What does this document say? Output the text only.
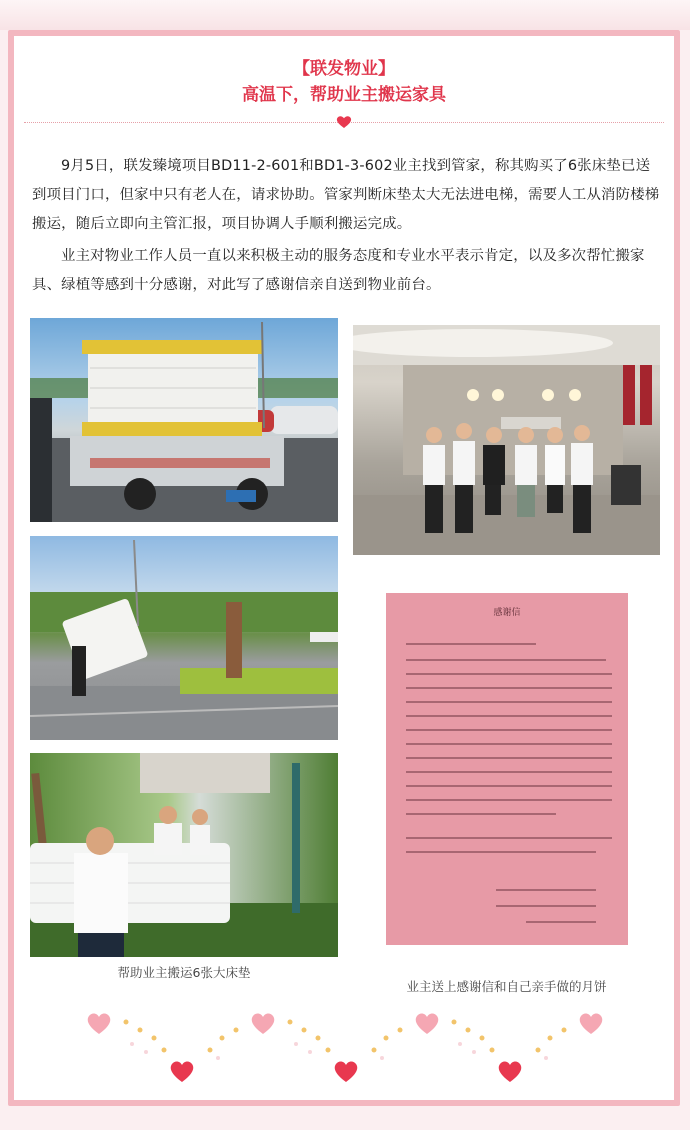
【联发物业】
高温下，帮助业主搬运家具
9月5日，联发臻境项目BD11-2-601和BD1-3-602业主找到管家，称其购买了6张床垫已送到项目门口，但家中只有老人在，请求协助。管家判断床垫太大无法进电梯，需要人工从消防楼梯搬运，随后立即向主管汇报，项目协调人手顺利搬运完成。
业主对物业工作人员一直以来积极主动的服务态度和专业水平表示肯定，以及多次帮忙搬家具、绿植等感到十分感谢，对此写了感谢信亲自送到物业前台。
感谢信
帮助业主搬运6张大床垫
业主送上感谢信和自己亲手做的月饼
